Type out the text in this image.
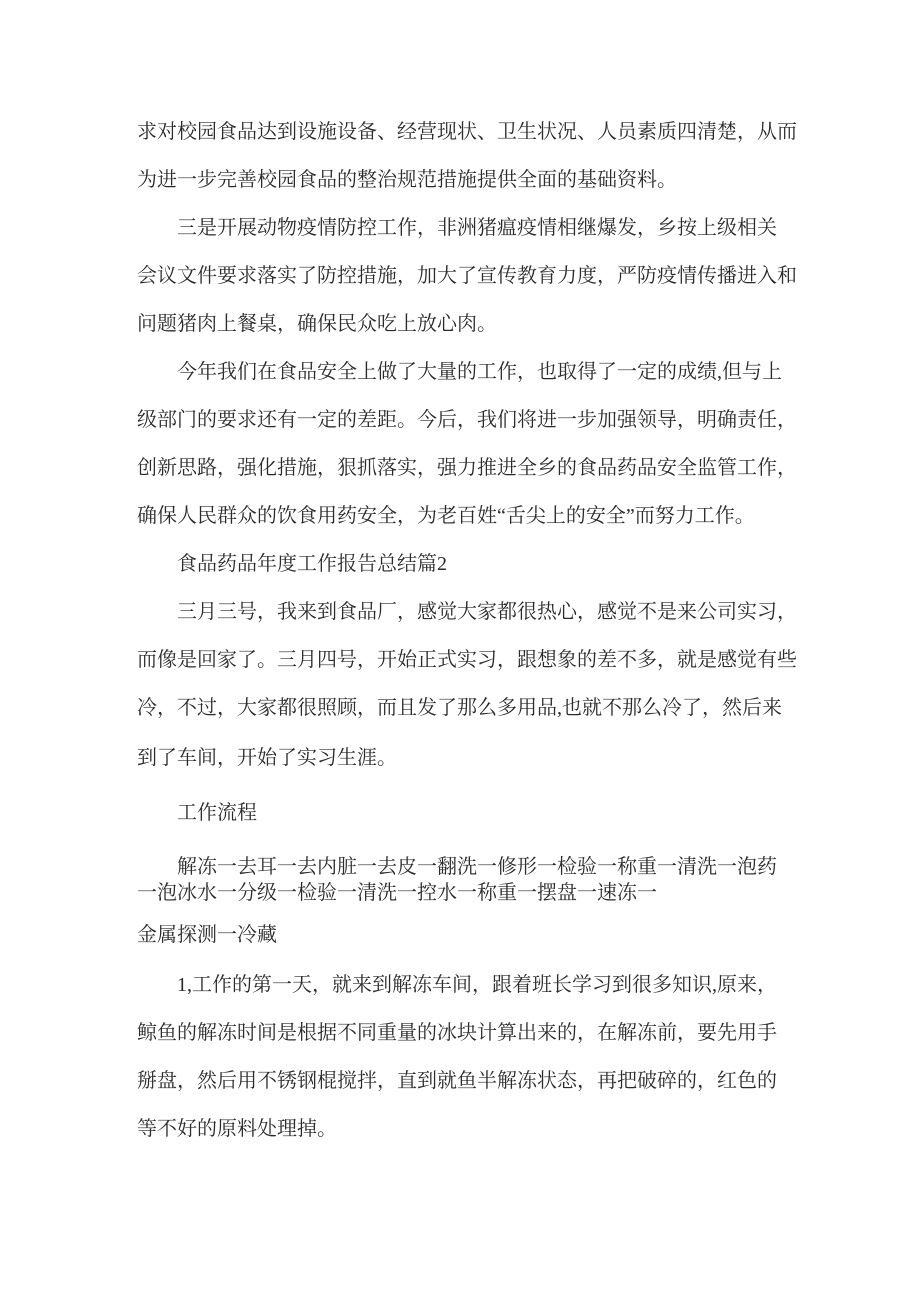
求对校园食品达到设施设备、经营现状、卫生状况、人员素质四清楚，从而
为进一步完善校园食品的整治规范措施提供全面的基础资料。
三是开展动物疫情防控工作，非洲猪瘟疫情相继爆发，乡按上级相关
会议文件要求落实了防控措施，加大了宣传教育力度，严防疫情传播进入和
问题猪肉上餐桌，确保民众吃上放心肉。
今年我们在食品安全上做了大量的工作，也取得了一定的成绩,但与上
级部门的要求还有一定的差距。今后，我们将进一步加强领导，明确责任，
创新思路，强化措施，狠抓落实，强力推进全乡的食品药品安全监管工作，
确保人民群众的饮食用药安全，为老百姓“舌尖上的安全”而努力工作。
食品药品年度工作报告总结篇2
三月三号，我来到食品厂，感觉大家都很热心，感觉不是来公司实习，
而像是回家了。三月四号，开始正式实习，跟想象的差不多，就是感觉有些
冷，不过，大家都很照顾，而且发了那么多用品,也就不那么冷了，然后来
到了车间，开始了实习生涯。
工作流程
解冻一去耳一去内脏一去皮一翻洗一修形一检验一称重一清洗一泡药
一泡冰水一分级一检验一清洗一控水一称重一摆盘一速冻一
金属探测一冷藏
1,工作的第一天，就来到解冻车间，跟着班长学习到很多知识,原来，
鲸鱼的解冻时间是根据不同重量的冰块计算出来的，在解冻前，要先用手
掰盘，然后用不锈钢棍搅拌，直到就鱼半解冻状态，再把破碎的，红色的
等不好的原料处理掉。
